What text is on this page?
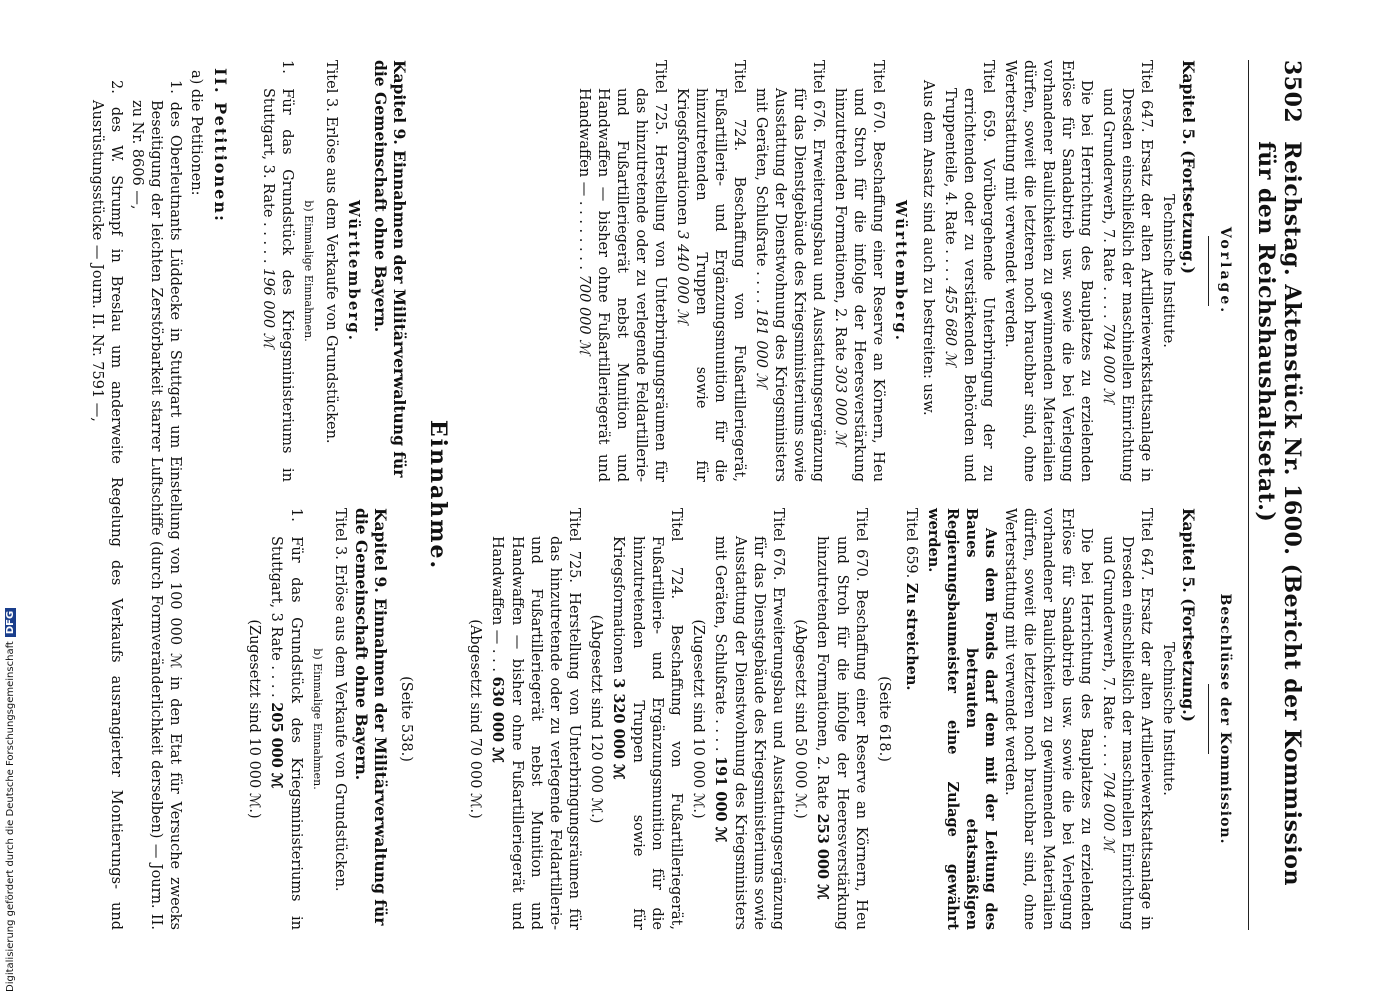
3502
Reichstag. Aktenstück Nr. 1600. (Bericht der Kommission für den Reichshaushaltsetat.)
Vorlage.
Kapitel 5. (Fortsetzung.)
Technische Institute.

Titel 647. Ersatz der alten Artilleriewerkstattsanlage in Dresden einschließlich der maschinellen Einrichtung und Grunderwerb, 7. Rate . . . . 704 000 ℳ

Die bei Herrichtung des Bauplatzes zu erzielenden Erlöse für Sandabtrieb usw. sowie die bei Verlegung vorhandener Baulichkeiten zu gewinnenden Materialien dürfen, soweit die letzteren noch brauchbar sind, ohne Werterstattung mit verwendet werden.

Titel 659. Vorübergehende Unterbringung der zu errichtenden oder zu verstärkenden Behörden und Truppenteile, 4. Rate . . . . 455 680 ℳ

Aus dem Ansatz sind auch zu bestreiten: usw.

Württemberg.

Titel 670. Beschaffung einer Reserve an Körnern, Heu und Stroh für die infolge der Heeresverstärkung hinzutretenden Formationen, 2. Rate 303 000 ℳ

Titel 676. Erweiterungsbau und Ausstattungsergänzung für das Dienstgebäude des Kriegsministeriums sowie Ausstattung der Dienstwohnung des Kriegsministers mit Geräten, Schlußrate . . . . 181 000 ℳ

Titel 724. Beschaffung von Fußartilleriegerät, Fußartillerie- und Ergänzungsmunition für die hinzutretenden Truppen sowie für Kriegsformationen 3 440 000 ℳ

Titel 725. Herstellung von Unterbringungsräumen für das hinzutretende oder zu verlegende Feldartillerie- und Fußartilleriegerät nebst Munition und Handwaffen — bisher ohne Fußartilleriegerät und Handwaffen — . . . . . . . . 700 000 ℳ

Beschlüsse der Kommission.
Kapitel 5. (Fortsetzung.)
Technische Institute.

Titel 647. Ersatz der alten Artilleriewerkstattsanlage in Dresden einschließlich der maschinellen Einrichtung und Grunderwerb, 7. Rate . . . . 704 000 ℳ

Die bei Herrichtung des Bauplatzes zu erzielenden Erlöse für Sandabtrieb usw. sowie die bei Verlegung vorhandener Baulichkeiten zu gewinnenden Materialien dürfen, soweit die letzteren noch brauchbar sind, ohne Werterstattung mit verwendet werden.

Aus dem Fonds darf dem mit der Leitung des Baues betrauten etatsmäßigen Regierungsbaumeister eine Zulage gewährt werden.

Titel 659. Zu streichen.

(Seite 618.)

Titel 670. Beschaffung einer Reserve an Körnern, Heu und Stroh für die infolge der Heeresverstärkung hinzutretenden Formationen, 2. Rate 253 000 ℳ

(Abgesetzt sind 50 000 ℳ.)

Titel 676. Erweiterungsbau und Ausstattungsergänzung für das Dienstgebäude des Kriegsministeriums sowie Ausstattung der Dienstwohnung des Kriegsministers mit Geräten, Schlußrate . . . . 191 000 ℳ

(Zugesetzt sind 10 000 ℳ.)

Titel 724. Beschaffung von Fußartilleriegerät, Fußartillerie- und Ergänzungsmunition für die hinzutretenden Truppen sowie für Kriegsformationen 3 320 000 ℳ

(Abgesetzt sind 120 000 ℳ.)

Titel 725. Herstellung von Unterbringungsräumen für das hinzutretende oder zu verlegende Feldartillerie- und Fußartilleriegerät nebst Munition und Handwaffen — bisher ohne Fußartilleriegerät und Handwaffen — . . . 630 000 ℳ

(Abgesetzt sind 70 000 ℳ.)
Einnahme.
Kapitel 9. Einnahmen der Militärverwaltung für die Gemeinschaft ohne Bayern.
Württemberg.

Titel 3. Erlöse aus dem Verkaufe von Grundstücken.

b) Einmalige Einnahmen.

1. Für das Grundstück des Kriegsministeriums in Stuttgart, 3. Rate . . . . . 196 000 ℳ

(Seite 538.)
Kapitel 9. Einnahmen der Militärverwaltung für die Gemeinschaft ohne Bayern.

Titel 3. Erlöse aus dem Verkaufe von Grundstücken.

b) Einmalige Einnahmen.

1. Für das Grundstück des Kriegsministeriums in Stuttgart, 3 Rate . . . . 205 000 ℳ

(Zugesetzt sind 10 000 ℳ.)
II. Petitionen:

a) die Petitionen:

1. des Oberleutnants Lüddecke in Stuttgart um Einstellung von 100 000 ℳ in den Etat für Versuche zwecks Beseitigung der leichten Zerstörbarkeit starrer Luftschiffe (durch Formveränderlichkeit derselben) — Journ. II. zu Nr. 8606 —,

2. des W. Strumpf in Breslau um anderweite Regelung des Verkaufs ausrangierter Montierungs- und Ausrüstungsstücke — Journ. II. Nr. 7591 —,

Digitalisierung gefördert durch die Deutsche ForschungsgemeinschaftDFG
